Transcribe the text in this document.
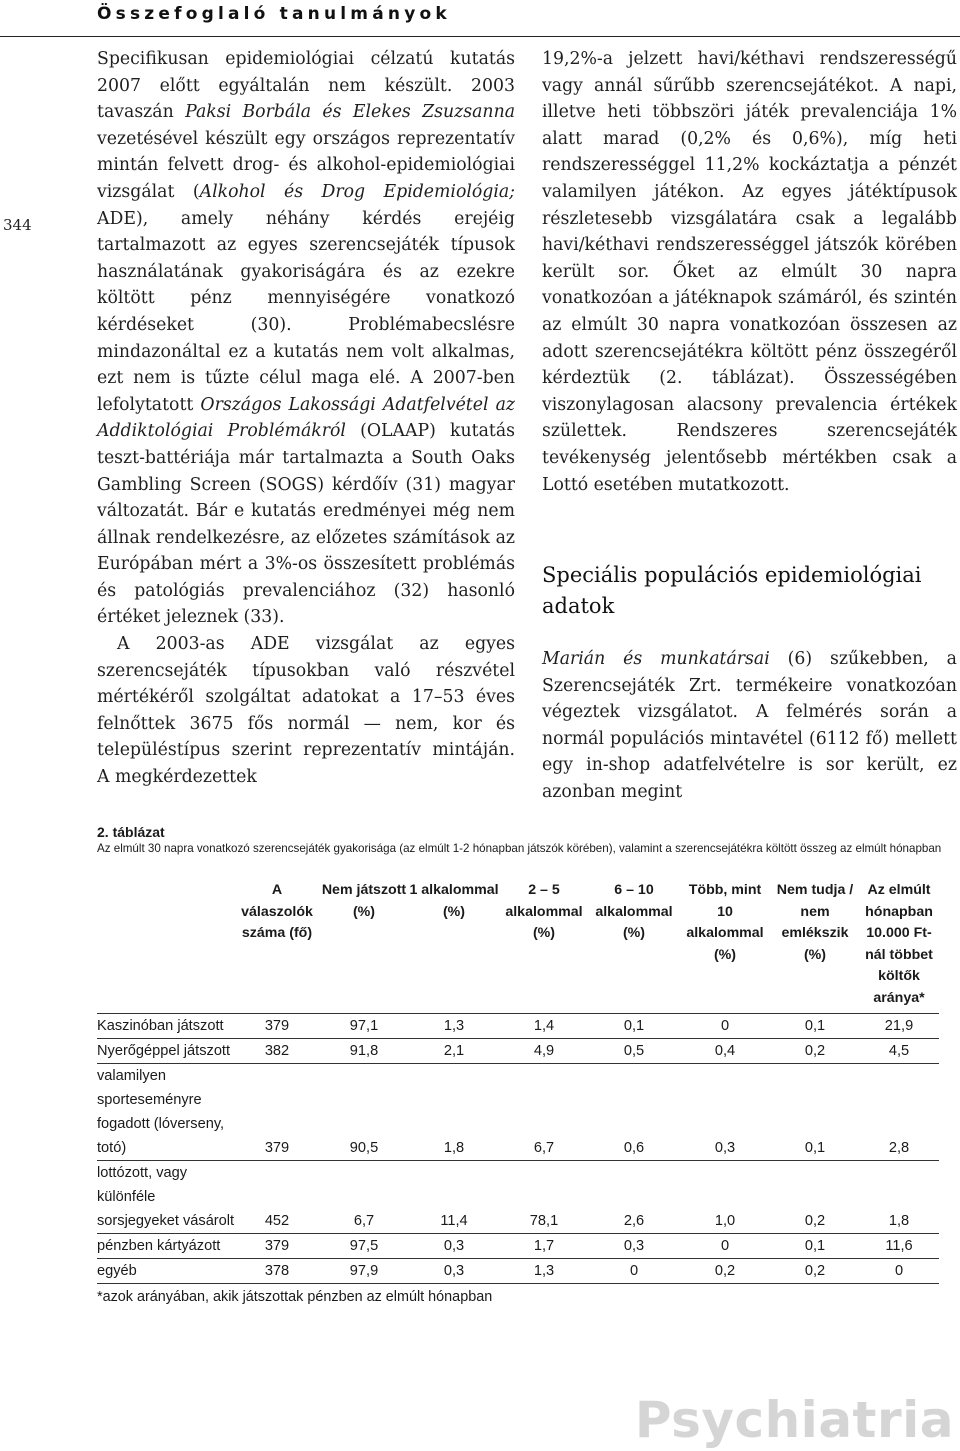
Összefoglaló tanulmányok
344

Specifikusan epidemiológiai célzatú kutatás 2007 előtt egyáltalán nem készült. 2003 tavaszán Paksi Borbála és Elekes Zsuzsanna vezetésével készült egy országos reprezentatív mintán felvett drog- és alkohol-epidemiológiai vizsgálat (Alkohol és Drog Epidemiológia; ADE), amely néhány kérdés erejéig tartalmazott az egyes szerencsejáték típusok használatának gyakoriságára és az ezekre költött pénz mennyiségére vonatkozó kérdéseket (30). Problémabecslésre mindazonáltal ez a kutatás nem volt alkalmas, ezt nem is tűzte célul maga elé. A 2007-ben lefolytatott Országos Lakossági Adatfelvétel az Addiktológiai Problémákról (OLAAP) kutatás teszt-battériája már tartalmazta a South Oaks Gambling Screen (SOGS) kérdőív (31) magyar változatát. Bár e kutatás eredményei még nem állnak rendelkezésre, az előzetes számítások az Európában mért a 3%-os összesített problémás és patológiás prevalenciához (32) hasonló értéket jeleznek (33).

A 2003-as ADE vizsgálat az egyes szerencsejáték típusokban való részvétel mértékéről szolgáltat adatokat a 17–53 éves felnőttek 3675 fős normál — nem, kor és településtípus szerint reprezentatív mintáján. A megkérdezettek

19,2%-a jelzett havi/kéthavi rendszerességű vagy annál sűrűbb szerencsejátékot. A napi, illetve heti többszöri játék prevalenciája 1% alatt marad (0,2% és 0,6%), míg heti rendszerességgel 11,2% kockáztatja a pénzét valamilyen játékon. Az egyes játéktípusok részletesebb vizsgálatára csak a legalább havi/kéthavi rendszerességgel játszók körében került sor. Őket az elmúlt 30 napra vonatkozóan a játéknapok számáról, és szintén az elmúlt 30 napra vonatkozóan összesen az adott szerencsejátékra költött pénz összegéről kérdeztük (2. táblázat). Összességében viszonylagosan alacsony prevalencia értékek születtek. Rendszeres szerencsejáték tevékenység jelentősebb mértékben csak a Lottó esetében mutatkozott.

Speciális populációs epidemiológiai adatok

Marián és munkatársai (6) szűkebben, a Szerencsejáték Zrt. termékeire vonatkozóan végeztek vizsgálatot. A felmérés során a normál populációs mintavétel (6112 fő) mellett egy in-shop adatfelvételre is sor került, ez azonban megint

2. táblázat
Az elmúlt 30 napra vonatkozó szerencsejáték gyakorisága (az elmúlt 1-2 hónapban játszók körében), valamint a szerencsejátékra költött összeg az elmúlt hónapban
	A válaszolók száma (fő)	Nem játszott (%)	1 alkalommal (%)	2 – 5 alkalommal (%)	6 – 10 alkalommal (%)	Több, mint 10 alkalommal (%)	Nem tudja / nem emlékszik (%)	Az elmúlt hónapban 10.000 Ft-nál többet költők aránya*
Kaszinóban játszott	379	97,1	1,3	1,4	0,1	0	0,1	21,9
Nyerőgéppel játszott	382	91,8	2,1	4,9	0,5	0,4	0,2	4,5
valamilyen sporteseményre fogadott (lóverseny, totó)	379	90,5	1,8	6,7	0,6	0,3	0,1	2,8
lottózott, vagy különféle sorsjegyeket vásárolt	452	6,7	11,4	78,1	2,6	1,0	0,2	1,8
pénzben kártyázott	379	97,5	0,3	1,7	0,3	0	0,1	11,6
egyéb	378	97,9	0,3	1,3	0	0,2	0,2	0
*azok arányában, akik játszottak pénzben az elmúlt hónapban
Psychiatria
